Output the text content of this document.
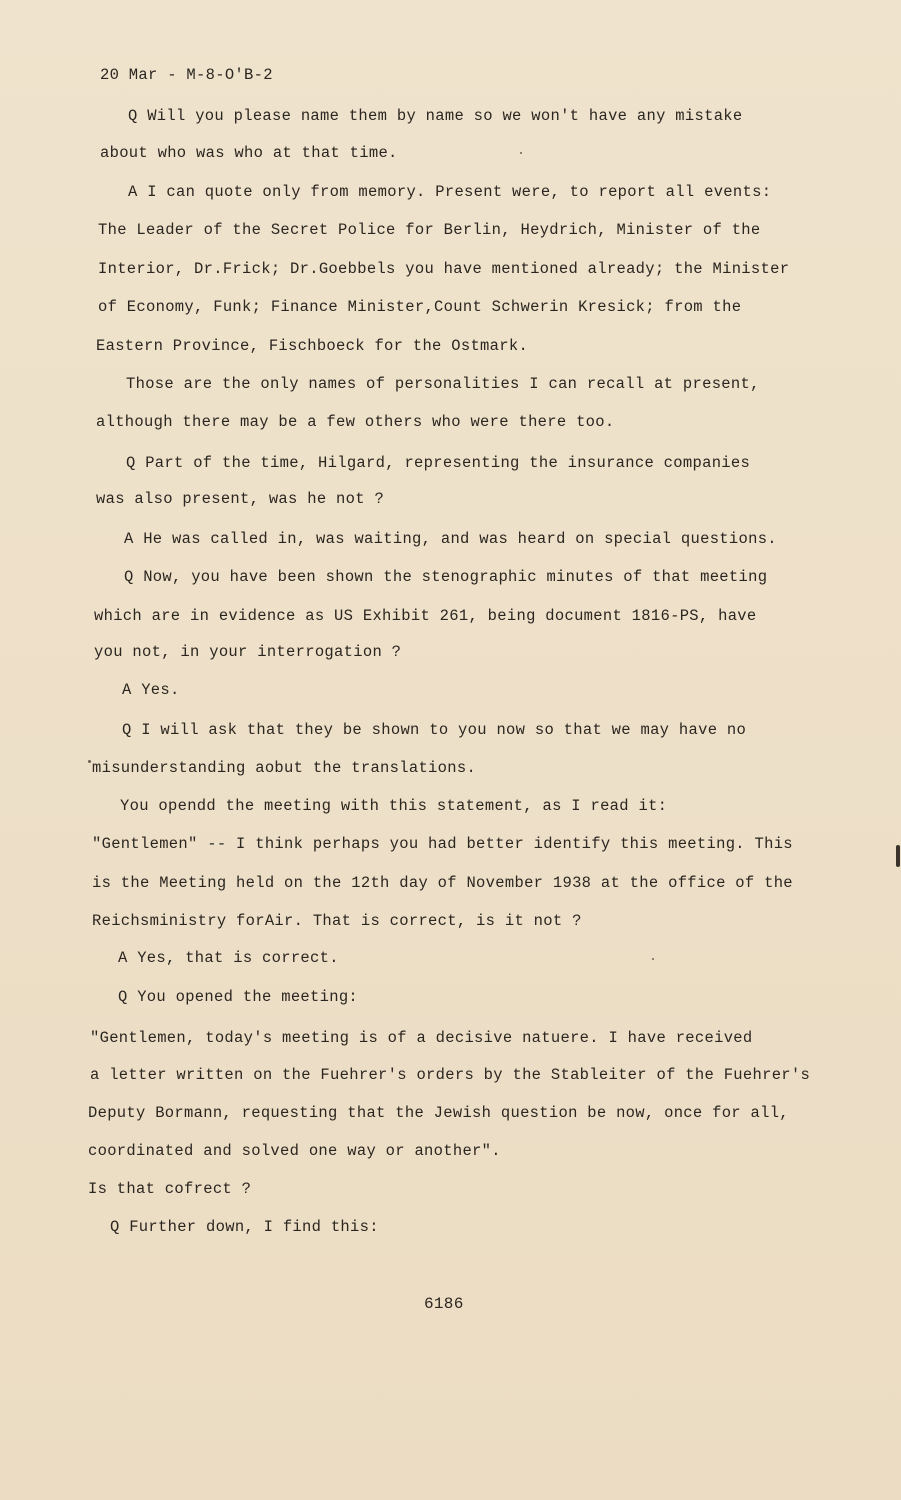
20 Mar - M-8-O'B-2
Q Will you please name them by name so we won't have any mistake
about who was who at that time.
A I can quote only from memory. Present were, to report all events:
The Leader of the Secret Police for Berlin, Heydrich, Minister of the
Interior, Dr.Frick; Dr.Goebbels you have mentioned already; the Minister
of Economy, Funk; Finance Minister,Count Schwerin Kresick; from the
Eastern Province, Fischboeck for the Ostmark.
Those are the only names of personalities I can recall at present,
although there may be a few others who were there too.
Q Part of the time, Hilgard, representing the insurance companies
was also present, was he not ?
A He was called in, was waiting, and was heard on special questions.
Q Now, you have been shown the stenographic minutes of that meeting
which are in evidence as US Exhibit 261, being document 1816-PS, have
you not, in your interrogation ?
A Yes.
Q I will ask that they be shown to you now so that we may have no
misunderstanding aobut the translations.
You opendd the meeting with this statement, as I read it:
"Gentlemen" -- I think perhaps you had better identify this meeting. This
is the Meeting held on the 12th day of November 1938 at the office of the
Reichsministry forAir. That is correct, is it not ?
A Yes, that is correct.
Q You opened the meeting:
"Gentlemen, today's meeting is of a decisive natuere. I have received
a letter written on the Fuehrer's orders by the Stableiter of the Fuehrer's
Deputy Bormann, requesting that the Jewish question be now, once for all,
coordinated and solved one way or another".
Is that cofrect ?
Q Further down, I find this:
6186
